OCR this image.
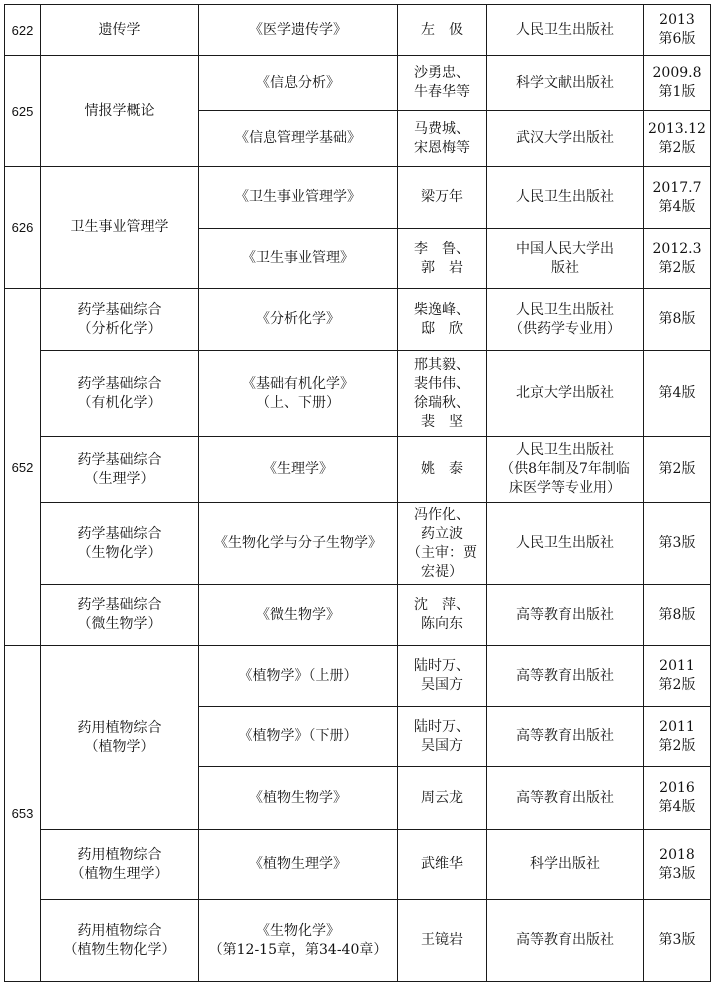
622	遗传学	《医学遗传学》	左　伋	人民卫生出版社	2013
第6版
625	情报学概论	《信息分析》	沙勇忠、
牛春华等	科学文献出版社	2009.8
第1版
		《信息管理学基础》	马费城、
宋恩梅等	武汉大学出版社	2013.12
第2版
626	卫生事业管理学	《卫生事业管理学》	梁万年	人民卫生出版社	2017.7
第4版
		《卫生事业管理》	李　鲁、
郭　岩	中国人民大学出
版社	2012.3
第2版
652	药学基础综合
（分析化学）	《分析化学》	柴逸峰、
邸　欣	人民卫生出版社
（供药学专业用）	第8版
	药学基础综合
（有机化学）	《基础有机化学》
（上、下册）	邢其毅、
裴伟伟、
徐瑞秋、
裴　坚	北京大学出版社	第4版
	药学基础综合
（生理学）	《生理学》	姚　泰	人民卫生出版社
（供8年制及7年制临
床医学等专业用）	第2版
	药学基础综合
（生物化学）	《生物化学与分子生物学》	冯作化、
药立波
（主审：贾
宏禔）	人民卫生出版社	第3版
	药学基础综合
（微生物学）	《微生物学》	沈　萍、
陈向东	高等教育出版社	第8版
653	药用植物综合
（植物学）	《植物学》（上册）	陆时万、
吴国方	高等教育出版社	2011
第2版
		《植物学》（下册）	陆时万、
吴国方	高等教育出版社	2011
第2版
		《植物生物学》	周云龙	高等教育出版社	2016
第4版
	药用植物综合
（植物生理学）	《植物生理学》	武维华	科学出版社	2018
第3版
	药用植物综合
（植物生物化学）	《生物化学》
（第12-15章，第34-40章）	王镜岩	高等教育出版社	第3版
